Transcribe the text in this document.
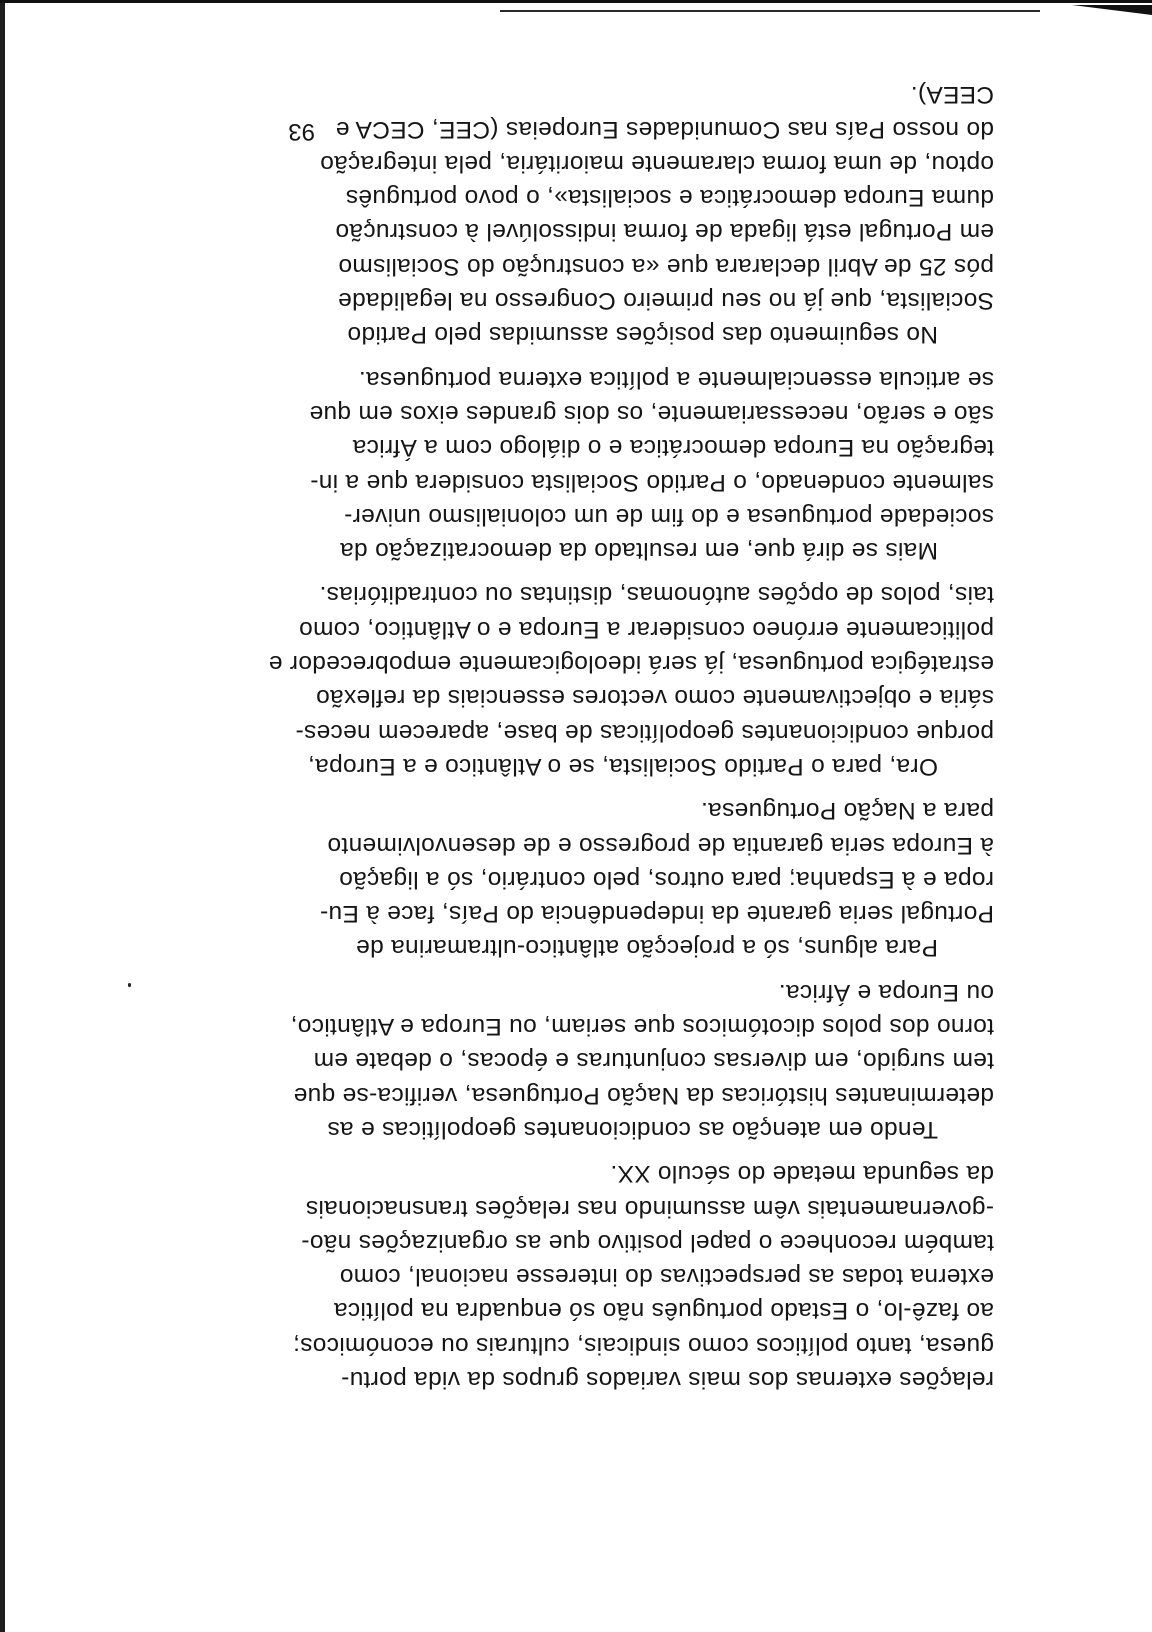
relações externas dos mais variados grupos da vida portu-
guesa, tanto políticos como sindicais, culturais ou económicos;
ao fazê-lo, o Estado português não só enquadra na política
externa todas as perspectivas do interesse nacional, como
também reconhece o papel positivo que as organizações não-
-governamentais vêm assumindo nas relações transnacionais
da segunda metade do século XX.

Tendo em atenção as condicionantes geopolíticas e as
determinantes históricas da Nação Portuguesa, verifica-se que
tem surgido, em diversas conjunturas e épocas, o debate em
torno dos polos dicotómicos que seriam, ou Europa e Atlântico,
ou Europa e África.

Para alguns, só a projecção atlântico-ultramarina de
Portugal seria garante da independência do País, face à Eu-
ropa e à Espanha; para outros, pelo contrário, só a ligação
à Europa seria garantia de progresso e de desenvolvimento
para a Nação Portuguesa.

Ora, para o Partido Socialista, se o Atlântico e a Europa,
porque condicionantes geopolíticas de base, aparecem neces-
sária e objectivamente como vectores essenciais da reflexão
estratégica portuguesa, já será ideologicamente empobrecedor e
politicamente erróneo considerar a Europa e o Atlântico, como
tais, polos de opções autónomas, distintas ou contraditórias.

Mais se dirá que, em resultado da democratização da
sociedade portuguesa e do fim de um colonialismo univer-
salmente condenado, o Partido Socialista considera que a in-
tegração na Europa democrática e o diálogo com a África
são e serão, necessariamente, os dois grandes eixos em que
se articula essencialmente a política externa portuguesa.

No seguimento das posições assumidas pelo Partido
Socialista, que já no seu primeiro Congresso na legalidade
pós 25 de Abril declarara que «a construção do Socialismo
em Portugal está ligada de forma indissolúvel à construção
duma Europa democrática e socialista», o povo português
optou, de uma forma claramente maioritária, pela integração
do nosso País nas Comunidades Europeias (CEE, CECA e
CEEA).

93
